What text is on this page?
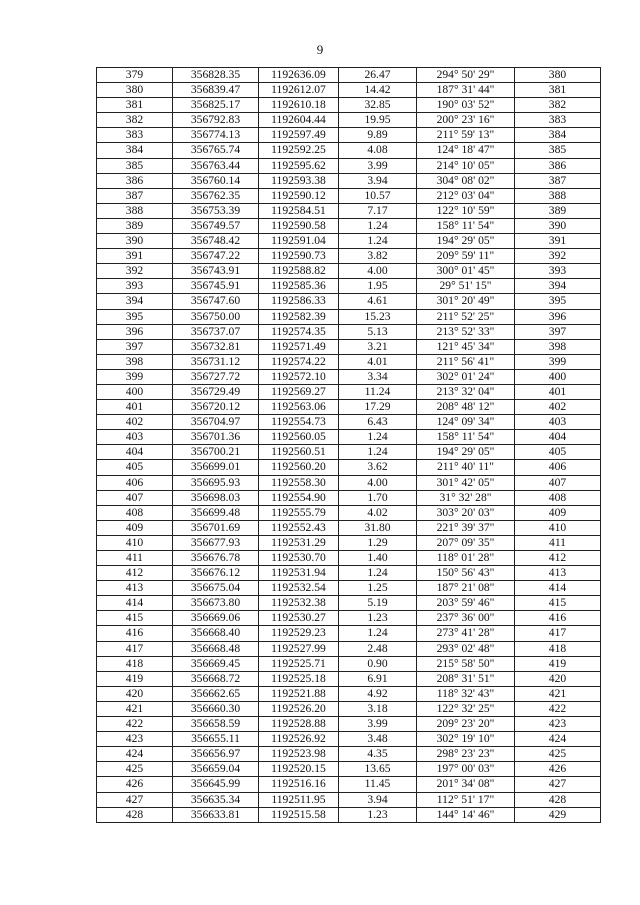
9
379	356828.35	1192636.09	26.47	294° 50' 29"	380
380	356839.47	1192612.07	14.42	187° 31' 44"	381
381	356825.17	1192610.18	32.85	190° 03' 52"	382
382	356792.83	1192604.44	19.95	200° 23' 16"	383
383	356774.13	1192597.49	9.89	211° 59' 13"	384
384	356765.74	1192592.25	4.08	124° 18' 47"	385
385	356763.44	1192595.62	3.99	214° 10' 05"	386
386	356760.14	1192593.38	3.94	304° 08' 02"	387
387	356762.35	1192590.12	10.57	212° 03' 04"	388
388	356753.39	1192584.51	7.17	122° 10' 59"	389
389	356749.57	1192590.58	1.24	158° 11' 54"	390
390	356748.42	1192591.04	1.24	194° 29' 05"	391
391	356747.22	1192590.73	3.82	209° 59' 11"	392
392	356743.91	1192588.82	4.00	300° 01' 45"	393
393	356745.91	1192585.36	1.95	29° 51' 15"	394
394	356747.60	1192586.33	4.61	301° 20' 49"	395
395	356750.00	1192582.39	15.23	211° 52' 25"	396
396	356737.07	1192574.35	5.13	213° 52' 33"	397
397	356732.81	1192571.49	3.21	121° 45' 34"	398
398	356731.12	1192574.22	4.01	211° 56' 41"	399
399	356727.72	1192572.10	3.34	302° 01' 24"	400
400	356729.49	1192569.27	11.24	213° 32' 04"	401
401	356720.12	1192563.06	17.29	208° 48' 12"	402
402	356704.97	1192554.73	6.43	124° 09' 34"	403
403	356701.36	1192560.05	1.24	158° 11' 54"	404
404	356700.21	1192560.51	1.24	194° 29' 05"	405
405	356699.01	1192560.20	3.62	211° 40' 11"	406
406	356695.93	1192558.30	4.00	301° 42' 05"	407
407	356698.03	1192554.90	1.70	31° 32' 28"	408
408	356699.48	1192555.79	4.02	303° 20' 03"	409
409	356701.69	1192552.43	31.80	221° 39' 37"	410
410	356677.93	1192531.29	1.29	207° 09' 35"	411
411	356676.78	1192530.70	1.40	118° 01' 28"	412
412	356676.12	1192531.94	1.24	150° 56' 43"	413
413	356675.04	1192532.54	1.25	187° 21' 08"	414
414	356673.80	1192532.38	5.19	203° 59' 46"	415
415	356669.06	1192530.27	1.23	237° 36' 00"	416
416	356668.40	1192529.23	1.24	273° 41' 28"	417
417	356668.48	1192527.99	2.48	293° 02' 48"	418
418	356669.45	1192525.71	0.90	215° 58' 50"	419
419	356668.72	1192525.18	6.91	208° 31' 51"	420
420	356662.65	1192521.88	4.92	118° 32' 43"	421
421	356660.30	1192526.20	3.18	122° 32' 25"	422
422	356658.59	1192528.88	3.99	209° 23' 20"	423
423	356655.11	1192526.92	3.48	302° 19' 10"	424
424	356656.97	1192523.98	4.35	298° 23' 23"	425
425	356659.04	1192520.15	13.65	197° 00' 03"	426
426	356645.99	1192516.16	11.45	201° 34' 08"	427
427	356635.34	1192511.95	3.94	112° 51' 17"	428
428	356633.81	1192515.58	1.23	144° 14' 46"	429
